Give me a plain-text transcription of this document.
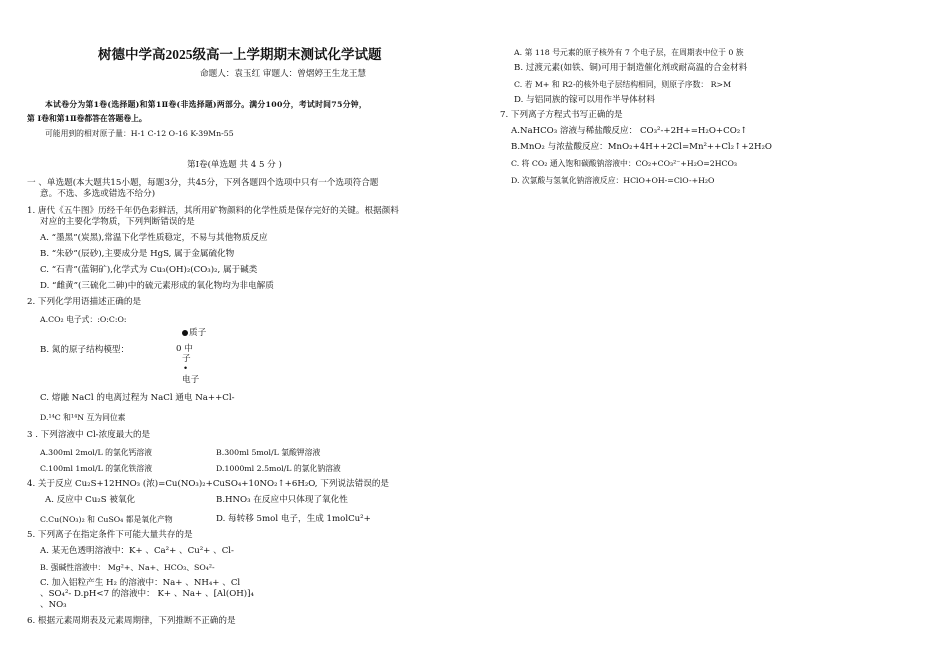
树德中学高2025级高一上学期期末测试化学试题
命题人：袁玉红 审题人：曾熠婷王生龙王慧
本试卷分为第1卷(选择题)和第1Ⅱ卷(非选择题)两部分。满分100分，考试时间75分钟，
第 Ⅰ卷和第1Ⅱ卷都答在答题卷上。
可能用到的相对原子量：H-1 C-12 O-16 K-39Mn-55
第Ⅰ卷(单选题 共 4 5 分 )
一 、单选题(本大题共15小题，每题3分，共45分，下列各题四个选项中只有一个选项符合题
意。不选、多选或错选不给分)
1. 唐代《五牛图》历经千年仍色彩鲜活，其所用矿物颜料的化学性质是保存完好的关键。根据颜料
对应的主要化学物质，下列判断错误的是
A. “墨黑”(炭黑),常温下化学性质稳定，不易与其他物质反应
B. “朱砂”(辰砂),主要成分是 HgS, 属于金属硫化物
C. “石青”(蓝铜矿),化学式为 Cu₃(OH)₂(CO₃)₂, 属于碱类
D. “雌黄”(三硫化二砷)中的硫元素形成的氧化物均为非电解质
2. 下列化学用语描述正确的是
A.CO₂ 电子式：:O:C:O:
质子
B. 氮的原子结构模型：	0 中
子
•
电子
C. 熔融 NaCl 的电离过程为 NaCl 通电 Na++Cl-
D.¹⁴C 和¹⁴N 互为同位素
3 . 下列溶液中 Cl-浓度最大的是
A.300ml 2mol/L 的氯化钙溶液	B.300ml 5mol/L 氯酸钾溶液
C.100ml 1mol/L 的氯化铁溶液	D.1000ml 2.5mol/L 的氯化钠溶液
4. 关于反应 Cu₂S+12HNO₃ (浓)=Cu(NO₃)₂+CuSO₄+10NO₂↑+6H₂O, 下列说法错误的是
A. 反应中 Cu₂S 被氧化	B.HNO₃ 在反应中只体现了氧化性
C.Cu(NO₃)₂ 和 CuSO₄ 都是氧化产物	D. 每转移 5mol 电子，生成 1molCu²+
5. 下列离子在指定条件下可能大量共存的是
A. 某无色透明溶液中：K+ 、Ca²+ 、Cu²+ 、Cl-
B. 强碱性溶液中： Mg²+、Na+、HCO₃、SO₄²-
C. 加入铝粒产生 H₂ 的溶液中：Na+ 、NH₄+ 、Cl
、SO₄²- D.pH<7 的溶液中： K+ 、Na+ 、[Al(OH)]₄
、NO₃
6. 根据元素周期表及元素周期律，下列推断不正确的是
A. 第 118 号元素的原子核外有 7 个电子层，在周期表中位于 0 族
B. 过渡元素(如铁、铜)可用于制造催化剂或耐高温的合金材料
C. 若 M+ 和 R2-的核外电子层结构相同，则原子序数： R>M
D. 与铝同族的镓可以用作半导体材料
7. 下列离子方程式书写正确的是
A.NaHCO₃ 溶液与稀盐酸反应： CO₃²-+2H+=H₂O+CO₂↑
B.MnO₂ 与浓盐酸反应：MnO₂+4H++2Cl=Mn²++Cl₂↑+2H₂O
C. 将 CO₂ 通入饱和碳酸钠溶液中：CO₂+CO₃²⁻+H₂O=2HCO₃
D. 次氯酸与氢氧化钠溶液反应：HClO+OH-=ClO-+H₂O
